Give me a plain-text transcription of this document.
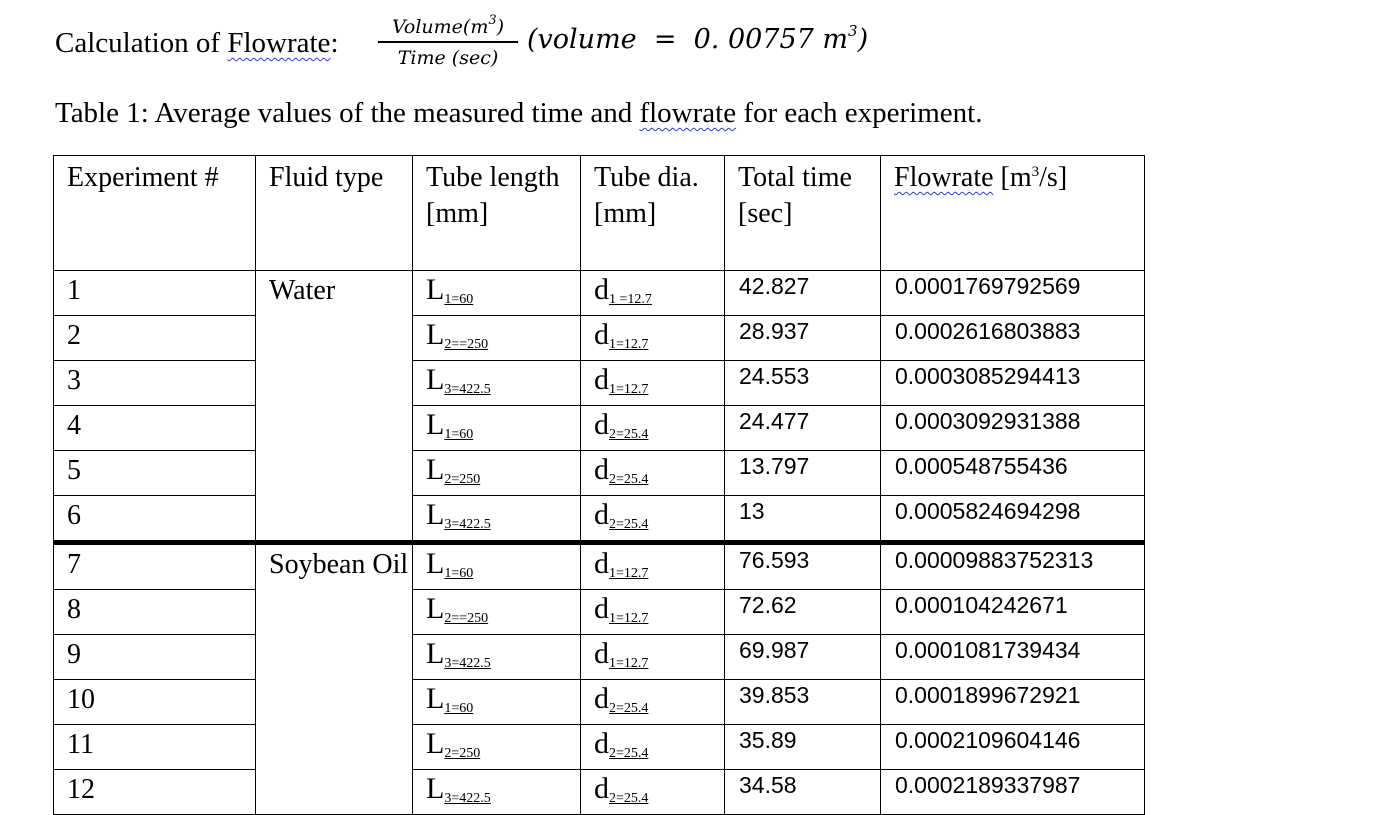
Calculation of Flowrate:	$Volume(m^3)$
Time (sec)
(volume  =  0. 00757 $m^3$)
Table 1: Average values of the measured time and flowrate for each experiment.
Experiment #	Fluid type	Tube length [mm]	Tube dia. [mm]	Total time [sec]	Flowrate $[m^3/s]$
1	Water	L1=60	d1 =12.7	42.827	0.0001769792569
2		L2==250	d1=12.7	28.937	0.0002616803883
3		L3=422.5	d1=12.7	24.553	0.0003085294413
4		L1=60	d2=25.4	24.477	0.0003092931388
5		L2=250	d2=25.4	13.797	0.000548755436
6		L3=422.5	d2=25.4	13	0.0005824694298
7	Soybean Oil	L1=60	d1=12.7	76.593	0.00009883752313
8		L2==250	d1=12.7	72.62	0.000104242671
9		L3=422.5	d1=12.7	69.987	0.0001081739434
10		L1=60	d2=25.4	39.853	0.0001899672921
11		L2=250	d2=25.4	35.89	0.0002109604146
12		L3=422.5	d2=25.4	34.58	0.0002189337987
